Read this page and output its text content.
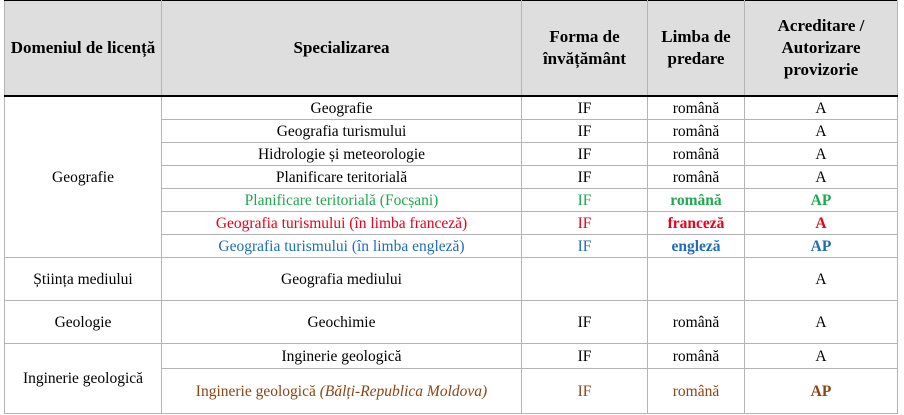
Domeniul de licență	Specializarea	Forma de învățământ	Limba de predare	Acreditare / Autorizare provizorie
Geografie	Geografie	IF	română	A
	Geografia turismului	IF	română	A
	Hidrologie și meteorologie	IF	română	A
	Planificare teritorială	IF	română	A
	Planificare teritorială (Focșani)	IF	română	AP
	Geografia turismului (în limba franceză)	IF	franceză	A
	Geografia turismului (în limba engleză)	IF	engleză	AP
Știința mediului	Geografia mediului			A
Geologie	Geochimie	IF	română	A
Inginerie geologică	Inginerie geologică	IF	română	A
	Inginerie geologică (Bălți-Republica Moldova)	IF	română	AP
